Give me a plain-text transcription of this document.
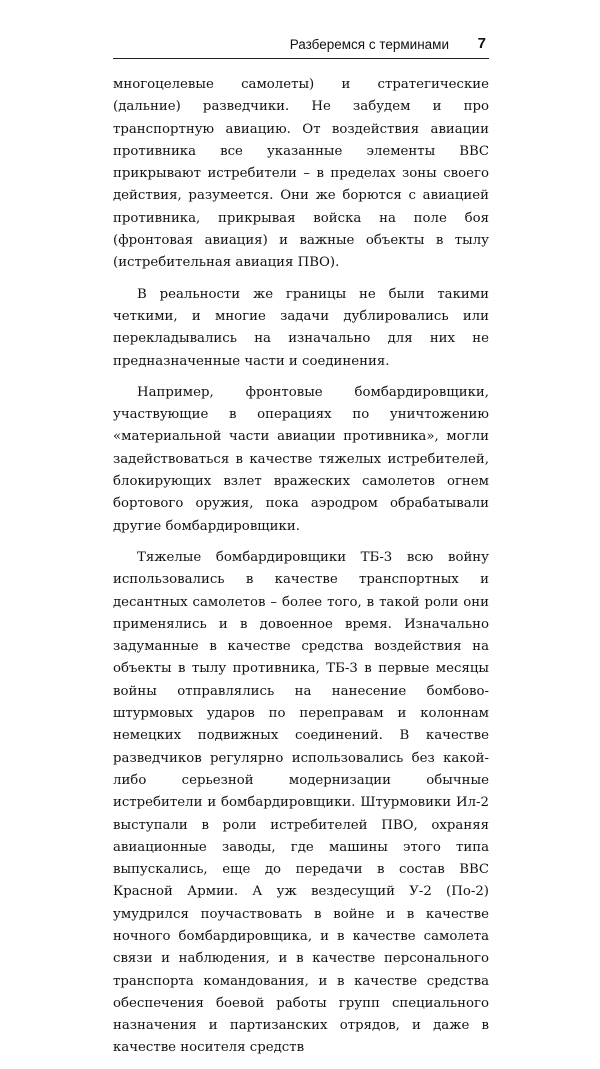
Разберемся с терминами 7

многоцелевые самолеты) и стратегические (дальние) разведчики. Не забудем и про транспортную авиацию. От воздействия авиации противника все указанные элементы ВВС прикрывают истребители – в пределах зоны своего действия, разумеется. Они же борются с авиацией противника, прикрывая войска на поле боя (фронтовая авиация) и важные объекты в тылу (истребительная авиация ПВО).

В реальности же границы не были такими четкими, и многие задачи дублировались или перекладывались на изначально для них не предназначенные части и соединения.

Например, фронтовые бомбардировщики, участвующие в операциях по уничтожению «материальной части авиации противника», могли задействоваться в качестве тяжелых истребителей, блокирующих взлет вражеских самолетов огнем бортового оружия, пока аэродром обрабатывали другие бомбардировщики.

Тяжелые бомбардировщики ТБ-3 всю войну использовались в качестве транспортных и десантных самолетов – более того, в такой роли они применялись и в довоенное время. Изначально задуманные в качестве средства воздействия на объекты в тылу противника, ТБ-3 в первые месяцы войны отправлялись на нанесение бомбово-штурмовых ударов по переправам и колоннам немецких подвижных соединений. В качестве разведчиков регулярно использовались без какой-либо серьезной модернизации обычные истребители и бомбардировщики. Штурмовики Ил-2 выступали в роли истребителей ПВО, охраняя авиационные заводы, где машины этого типа выпускались, еще до передачи в состав ВВС Красной Армии. А уж вездесущий У-2 (По-2) умудрился поучаствовать в войне и в качестве ночного бомбардировщика, и в качестве самолета связи и наблюдения, и в качестве персонального транспорта командования, и в качестве средства обеспечения боевой работы групп специального назначения и партизанских отрядов, и даже в качестве носителя средств
